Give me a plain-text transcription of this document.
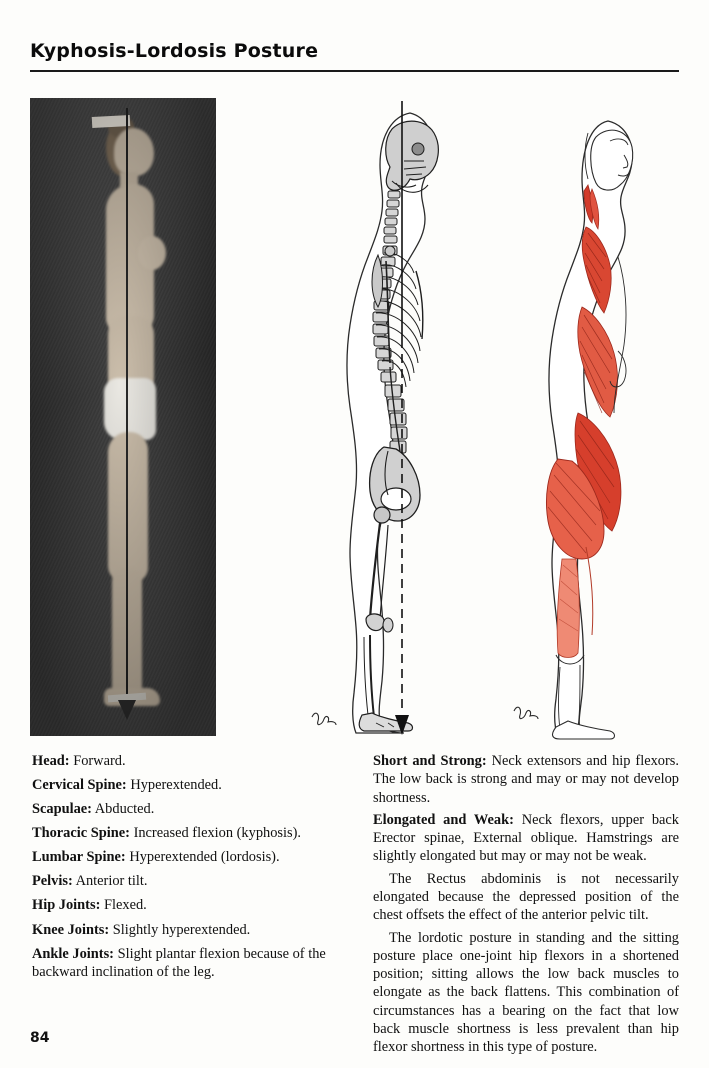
Kyphosis-Lordosis Posture

Head: Forward.

Cervical Spine: Hyperextended.

Scapulae: Abducted.

Thoracic Spine: Increased flexion (kyphosis).

Lumbar Spine: Hyperextended (lordosis).

Pelvis: Anterior tilt.

Hip Joints: Flexed.

Knee Joints: Slightly hyperextended.

Ankle Joints: Slight plantar flexion because of the backward inclination of the leg.

Short and Strong: Neck extensors and hip flexors. The low back is strong and may or may not develop shortness.

Elongated and Weak: Neck flexors, upper back Erector spinae, External oblique. Hamstrings are slightly elongated but may or may not be weak.

The Rectus abdominis is not necessarily elongated because the depressed position of the chest offsets the effect of the anterior pelvic tilt.

The lordotic posture in standing and the sitting posture place one-joint hip flexors in a shortened position; sitting allows the low back muscles to elongate as the back flattens. This combination of circumstances has a bearing on the fact that low back muscle shortness is less prevalent than hip flexor shortness in this type of posture.

84
